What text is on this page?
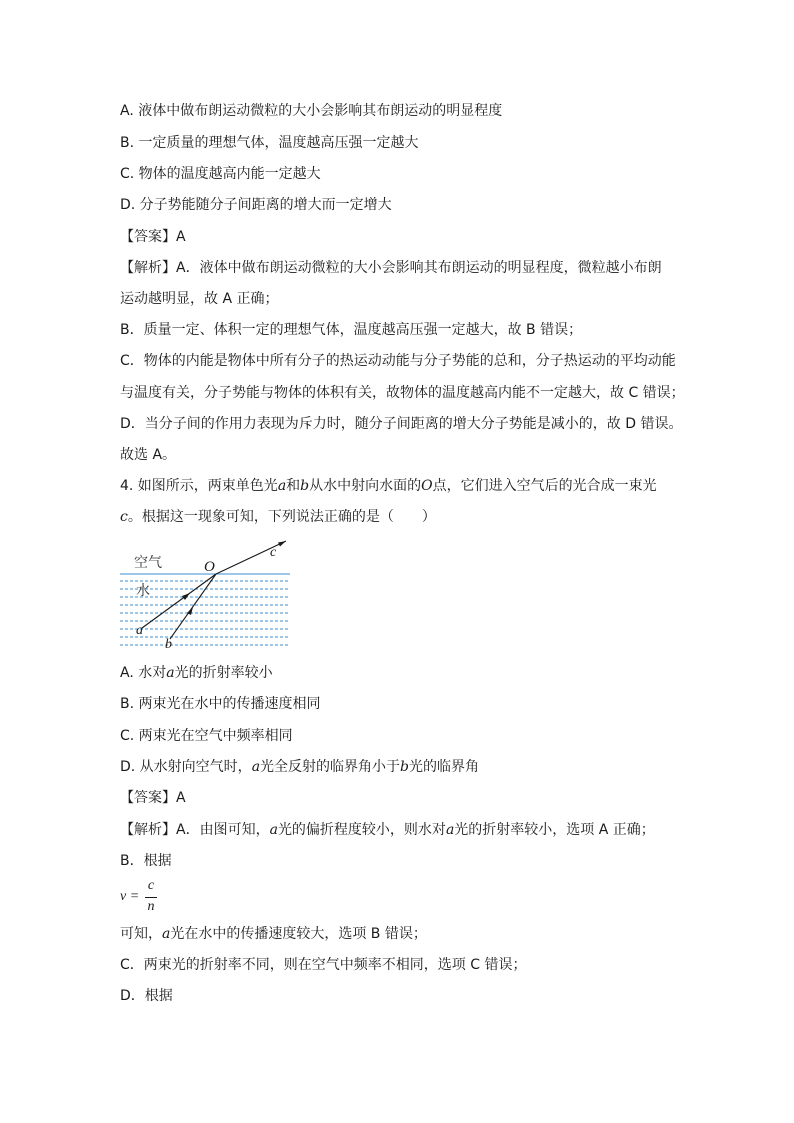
A. 液体中做布朗运动微粒的大小会影响其布朗运动的明显程度
B. 一定质量的理想气体，温度越高压强一定越大
C. 物体的温度越高内能一定越大
D. 分子势能随分子间距离的增大而一定增大
【答案】A
【解析】A．液体中做布朗运动微粒的大小会影响其布朗运动的明显程度，微粒越小布朗
运动越明显，故 A 正确；
B．质量一定、体积一定的理想气体，温度越高压强一定越大，故 B 错误；
C．物体的内能是物体中所有分子的热运动动能与分子势能的总和，分子热运动的平均动能
与温度有关，分子势能与物体的体积有关，故物体的温度越高内能不一定越大，故 C 错误；
D．当分子间的作用力表现为斥力时，随分子间距离的增大分子势能是减小的，故 D 错误。
故选 A。
4. 如图所示，两束单色光a和b从水中射向水面的O点，它们进入空气后的光合成一束光
c。根据这一现象可知，下列说法正确的是（　　）
空气
水
O
c
a
b
A. 水对a光的折射率较小
B. 两束光在水中的传播速度相同
C. 两束光在空气中频率相同
D. 从水射向空气时，a光全反射的临界角小于b光的临界角
【答案】A
【解析】A．由图可知，a光的偏折程度较小，则水对a光的折射率较小，选项 A 正确；
B．根据
v =
c
n
可知，a光在水中的传播速度较大，选项 B 错误；
C．两束光的折射率不同，则在空气中频率不相同，选项 C 错误；
D．根据
